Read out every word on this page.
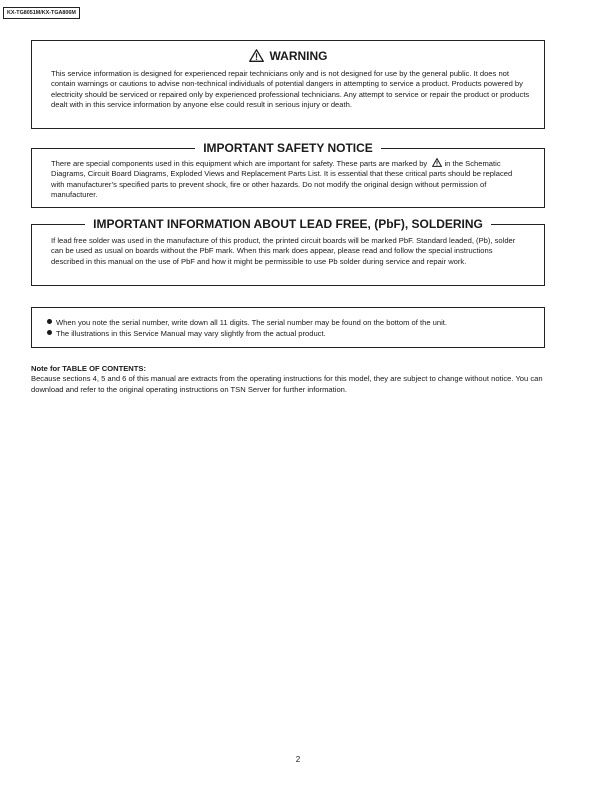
KX-TG8051M/KX-TGA806M
WARNING
This service information is designed for experienced repair technicians only and is not designed for use by the general public. It does not contain warnings or cautions to advise non-technical individuals of potential dangers in attempting to service a product. Products powered by electricity should be serviced or repaired only by experienced professional technicians. Any attempt to service or repair the product or products dealt with in this service information by anyone else could result in serious injury or death.
IMPORTANT SAFETY NOTICE
There are special components used in this equipment which are important for safety. These parts are marked by in the Schematic Diagrams, Circuit Board Diagrams, Exploded Views and Replacement Parts List. It is essential that these critical parts should be replaced with manufacturer’s specified parts to prevent shock, fire or other hazards. Do not modify the original design without permission of manufacturer.
IMPORTANT INFORMATION ABOUT LEAD FREE, (PbF), SOLDERING
If lead free solder was used in the manufacture of this product, the printed circuit boards will be marked PbF. Standard leaded, (Pb), solder can be used as usual on boards without the PbF mark. When this mark does appear, please read and follow the special instructions described in this manual on the use of PbF and how it might be permissible to use Pb solder during service and repair work.
When you note the serial number, write down all 11 digits. The serial number may be found on the bottom of the unit.
The illustrations in this Service Manual may vary slightly from the actual product.
Note for TABLE OF CONTENTS:
Because sections 4, 5 and 6 of this manual are extracts from the operating instructions for this model, they are subject to change without notice. You can download and refer to the original operating instructions on TSN Server for further information.
2
